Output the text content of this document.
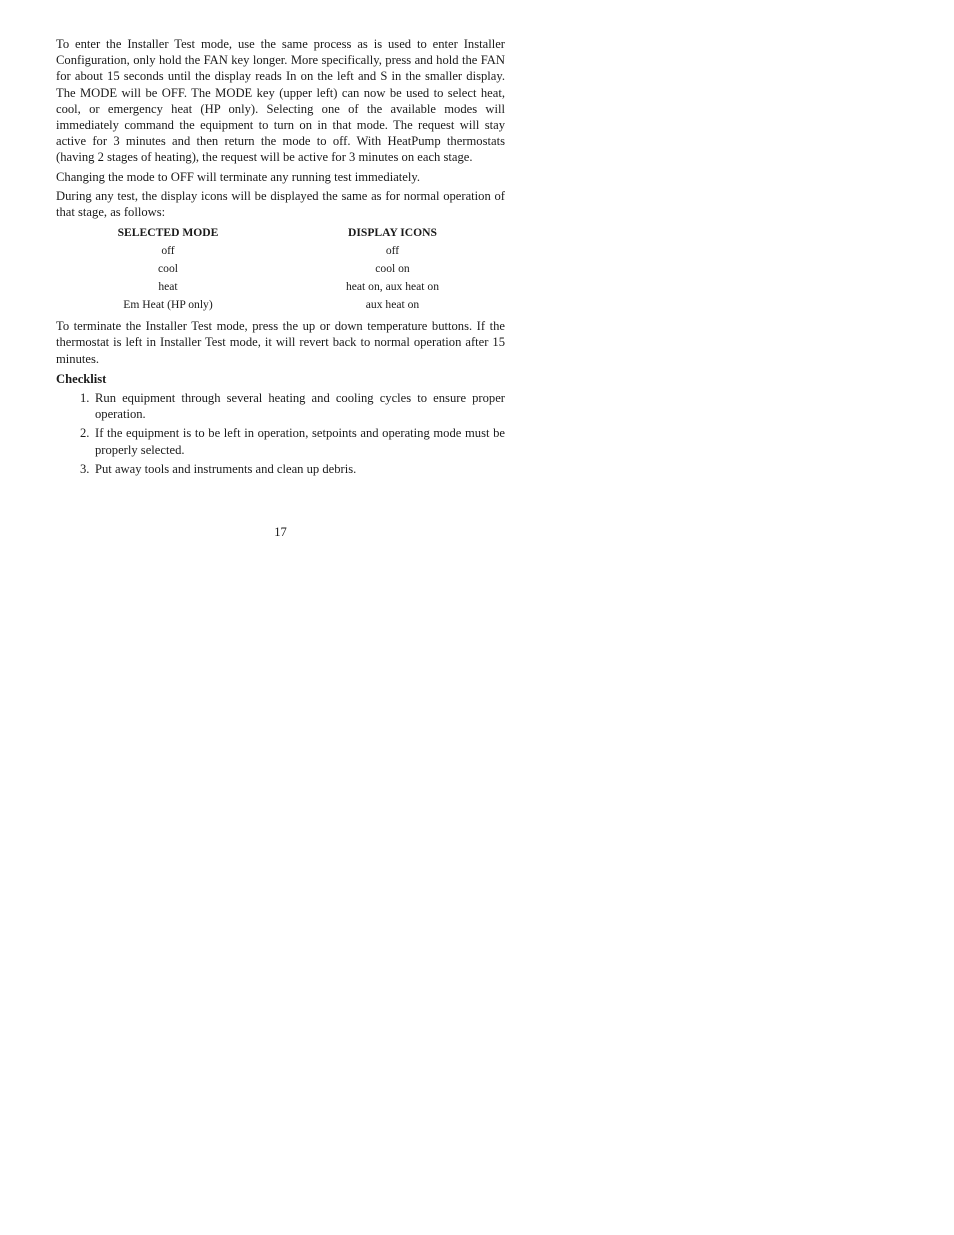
To enter the Installer Test mode, use the same process as is used to enter Installer Configuration, only hold the FAN key longer. More specifically, press and hold the FAN for about 15 seconds until the display reads In on the left and S in the smaller display. The MODE will be OFF. The MODE key (upper left) can now be used to select heat, cool, or emergency heat (HP only). Selecting one of the available modes will immediately command the equipment to turn on in that mode. The request will stay active for 3 minutes and then return the mode to off. With HeatPump thermostats (having 2 stages of heating), the request will be active for 3 minutes on each stage.

Changing the mode to OFF will terminate any running test immediately.

During any test, the display icons will be displayed the same as for normal operation of that stage, as follows:

SELECTED MODE	DISPLAY ICONS
off	off
cool	cool on
heat	heat on, aux heat on
Em Heat (HP only)	aux heat on

To terminate the Installer Test mode, press the up or down temperature buttons. If the thermostat is left in Installer Test mode, it will revert back to normal operation after 15 minutes.

Checklist
1. Run equipment through several heating and cooling cycles to ensure proper operation.
2. If the equipment is to be left in operation, setpoints and operating mode must be properly selected.
3. Put away tools and instruments and clean up debris.
17
